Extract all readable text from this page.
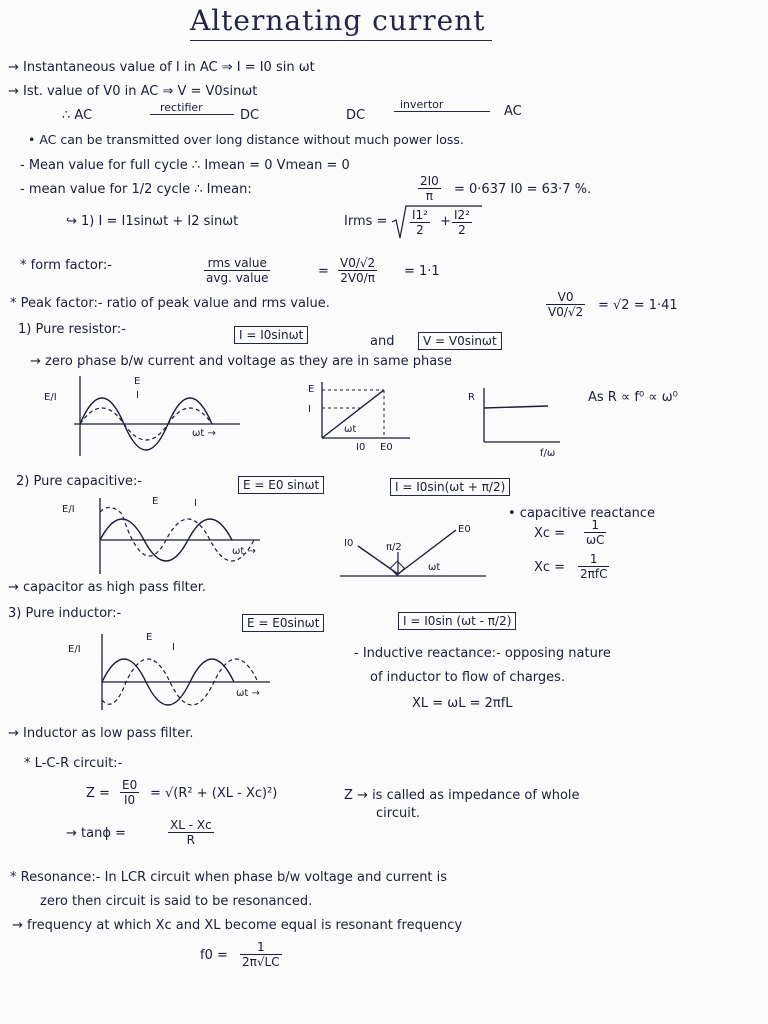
Alternating current
→ Instantaneous value of I in AC ⇒ I = I0 sin ωt
→ Ist. value of V0 in AC ⇒ V = V0sinωt
∴ AC
rectifier
DC	DC
invertor	AC
• AC can be transmitted over long distance without much power loss.
- Mean value for full cycle ∴ Imean = 0 Vmean = 0
- mean value for 1/2 cycle ∴ Imean:	$\frac{2I0}{\pi} = 0\cdot 637$ I0 = 63·7 %.
↪ 1) I = I1sinωt + I2 sinωt	Irms = $\frac{\text{I1²}}{2} + \frac{\text{I2²}}{2}$
* form factor:-	rms value
avg. value	= $\frac{V0/√2}{2V0/\pi} = 1\cdot 1$
* Peak factor:- ratio of peak value and rms value.	$\frac{V0}{V0/√2} = √2 = 1\cdot 41$
1) Pure resistor:-	I = I0sinωt	and	V = V0sinωt
→ zero phase b/w current and voltage as they are in same phase
As R ∝ f⁰ ∝ ω⁰
E/I
E
I
ωt →
E
I
ωt
I0 E0
R
f/ω
2) Pure capacitive:-	E = E0 sinωt	I = I0sin(ωt + π/2)
• capacitive reactance
$Xc = \frac{1}{\omega C}$
Xc =
1
2πfC
E/I
E	I
ωt →
I0
E0
π/2
ωt
→ capacitor as high pass filter.
3) Pure inductor:-
E = E0sinωt	I = I0sin (ωt - π/2)
- Inductive reactance:- opposing nature
of inductor to flow of charges.
XL = ωL = 2πfL
E/I
E
I
ωt →
→ Inductor as low pass filter.
* L-C-R circuit:-
$Z = \frac{E0}{I0} = √(R^2 + (XL - Xc)^2)$	Z → is called as impedance of whole
circuit.
→ tanϕ =	$\frac{XL - Xc}{R}$
* Resonance:- In LCR circuit when phase b/w voltage and current is
zero then circuit is said to be resonanced.
→ frequency at which Xc and XL become equal is resonant frequency
$f0 = \frac{1}{2\pi√LC}$
